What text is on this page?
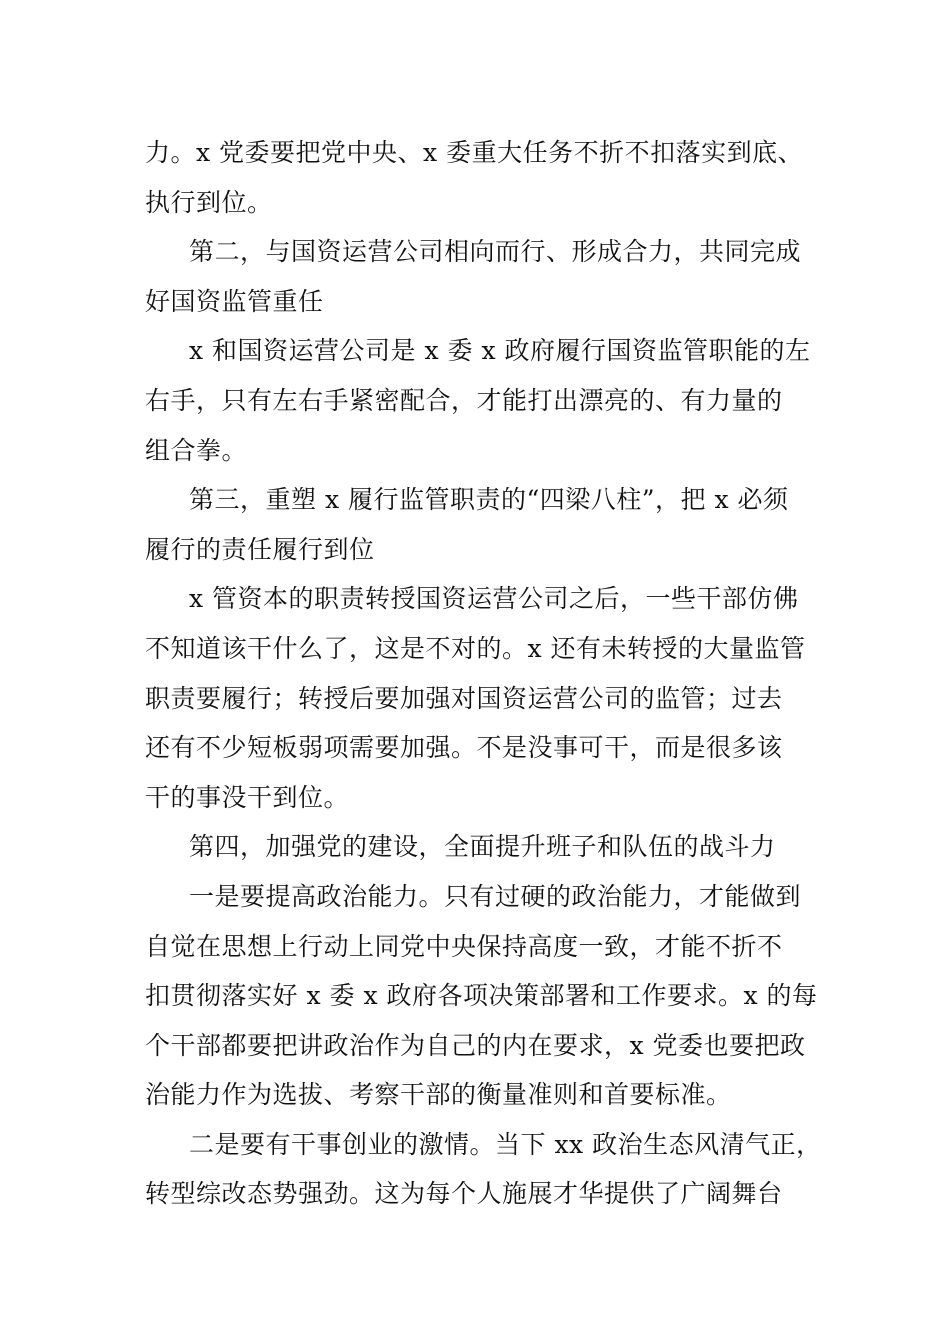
力。x 党委要把党中央、x 委重大任务不折不扣落实到底、
执行到位。
第二，与国资运营公司相向而行、形成合力，共同完成
好国资监管重任
x 和国资运营公司是 x 委 x 政府履行国资监管职能的左
右手，只有左右手紧密配合，才能打出漂亮的、有力量的
组合拳。
第三，重塑 x 履行监管职责的“四梁八柱”，把 x 必须
履行的责任履行到位
x 管资本的职责转授国资运营公司之后，一些干部仿佛
不知道该干什么了，这是不对的。x 还有未转授的大量监管
职责要履行；转授后要加强对国资运营公司的监管；过去
还有不少短板弱项需要加强。不是没事可干，而是很多该
干的事没干到位。
第四，加强党的建设，全面提升班子和队伍的战斗力
一是要提高政治能力。只有过硬的政治能力，才能做到
自觉在思想上行动上同党中央保持高度一致，才能不折不
扣贯彻落实好 x 委 x 政府各项决策部署和工作要求。x 的每
个干部都要把讲政治作为自己的内在要求，x 党委也要把政
治能力作为选拔、考察干部的衡量准则和首要标准。
二是要有干事创业的激情。当下 xx 政治生态风清气正，
转型综改态势强劲。这为每个人施展才华提供了广阔舞台
